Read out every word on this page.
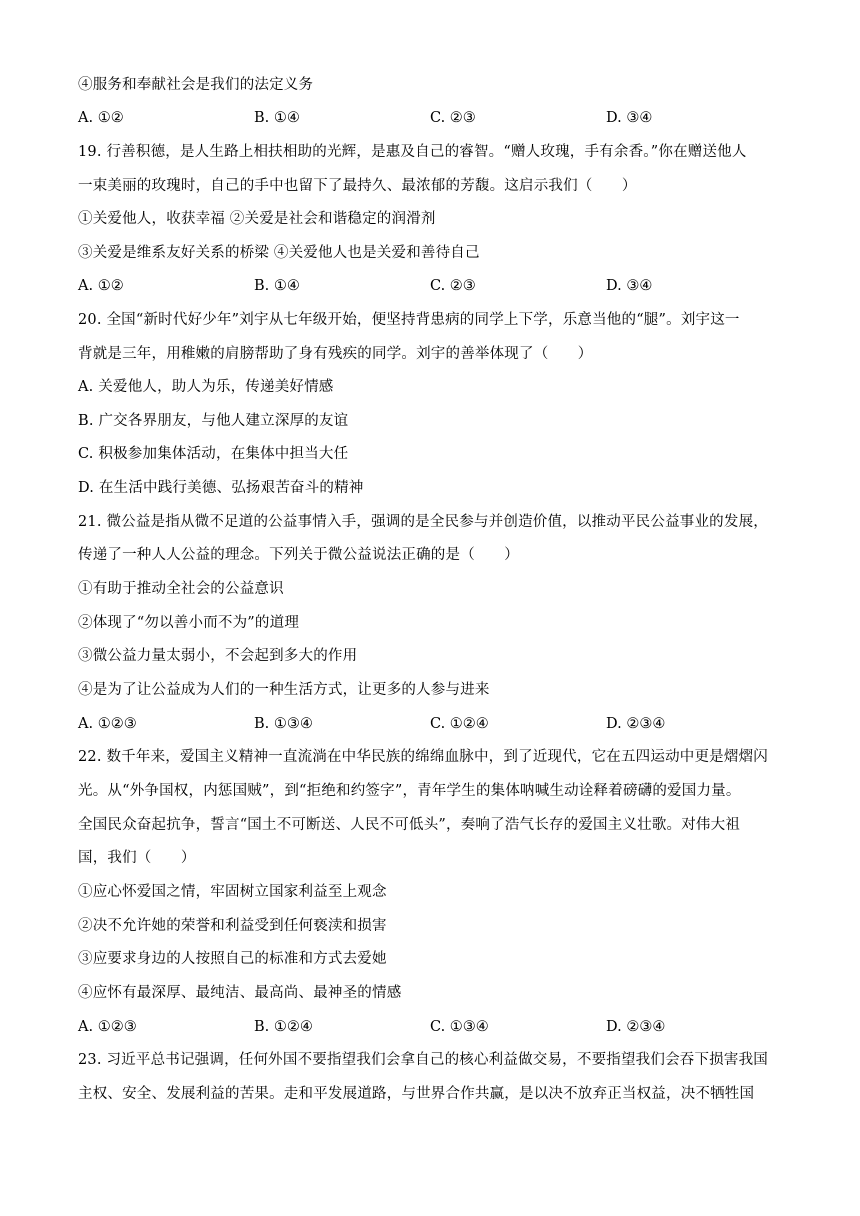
④服务和奉献社会是我们的法定义务
A. ①②	B. ①④	C. ②③	D. ③④
19. 行善积德，是人生路上相扶相助的光辉，是惠及自己的睿智。“赠人玫瑰，手有余香。”你在赠送他人
一束美丽的玫瑰时，自己的手中也留下了最持久、最浓郁的芳馥。这启示我们（　　）
①关爱他人，收获幸福 ②关爱是社会和谐稳定的润滑剂
③关爱是维系友好关系的桥梁 ④关爱他人也是关爱和善待自己
A. ①②	B. ①④	C. ②③	D. ③④
20. 全国“新时代好少年”刘宇从七年级开始，便坚持背患病的同学上下学，乐意当他的“腿”。刘宇这一
背就是三年，用稚嫩的肩膀帮助了身有残疾的同学。刘宇的善举体现了（　　）
A. 关爱他人，助人为乐，传递美好情感
B. 广交各界朋友，与他人建立深厚的友谊
C. 积极参加集体活动，在集体中担当大任
D. 在生活中践行美德、弘扬艰苦奋斗的精神
21. 微公益是指从微不足道的公益事情入手，强调的是全民参与并创造价值，以推动平民公益事业的发展，
传递了一种人人公益的理念。下列关于微公益说法正确的是（　　）
①有助于推动全社会的公益意识
②体现了“勿以善小而不为”的道理
③微公益力量太弱小，不会起到多大的作用
④是为了让公益成为人们的一种生活方式，让更多的人参与进来
A. ①②③	B. ①③④	C. ①②④	D. ②③④
22. 数千年来，爱国主义精神一直流淌在中华民族的绵绵血脉中，到了近现代，它在五四运动中更是熠熠闪
光。从“外争国权，内惩国贼”，到“拒绝和约签字”，青年学生的集体呐喊生动诠释着磅礴的爱国力量。
全国民众奋起抗争，誓言“国土不可断送、人民不可低头”，奏响了浩气长存的爱国主义壮歌。对伟大祖
国，我们（　　）
①应心怀爱国之情，牢固树立国家利益至上观念
②决不允许她的荣誉和利益受到任何亵渎和损害
③应要求身边的人按照自己的标准和方式去爱她
④应怀有最深厚、最纯洁、最高尚、最神圣的情感
A. ①②③	B. ①②④	C. ①③④	D. ②③④
23. 习近平总书记强调，任何外国不要指望我们会拿自己的核心利益做交易，不要指望我们会吞下损害我国
主权、安全、发展利益的苦果。走和平发展道路，与世界合作共赢，是以决不放弃正当权益，决不牺牲国
